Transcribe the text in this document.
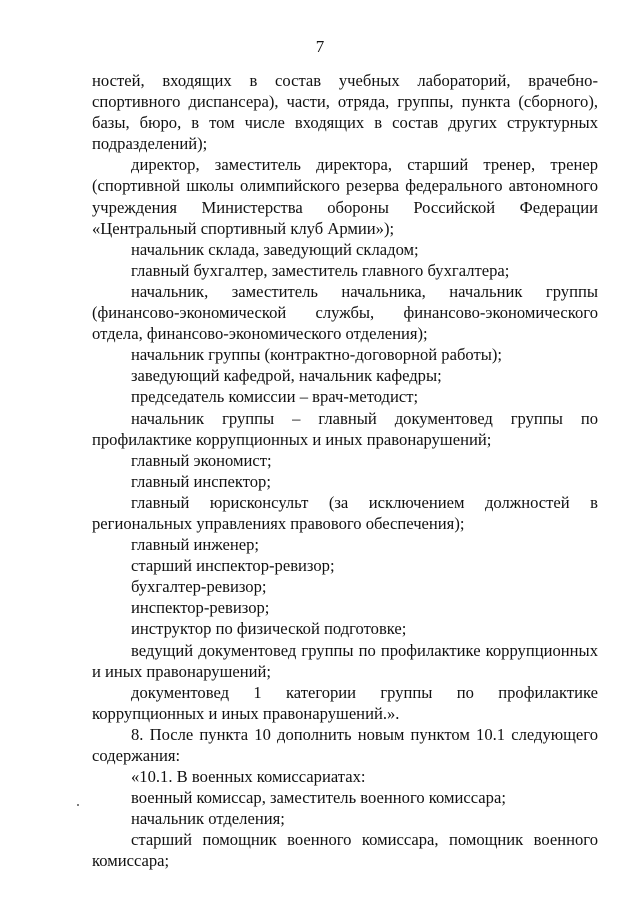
7

ностей, входящих в состав учебных лабораторий, врачебно-спортивного диспансера), части, отряда, группы, пункта (сборного), базы, бюро, в том числе входящих в состав других структурных подразделений);

директор, заместитель директора, старший тренер, тренер (спортивной школы олимпийского резерва федерального автономного учреждения Министерства обороны Российской Федерации «Центральный спортивный клуб Армии»);

начальник склада, заведующий складом;

главный бухгалтер, заместитель главного бухгалтера;

начальник, заместитель начальника, начальник группы (финансово-экономической службы, финансово-экономического отдела, финансово-экономического отделения);

начальник группы (контрактно-договорной работы);

заведующий кафедрой, начальник кафедры;

председатель комиссии – врач-методист;

начальник группы – главный документовед группы по профилактике коррупционных и иных правонарушений;

главный экономист;

главный инспектор;

главный юрисконсульт (за исключением должностей в региональных управлениях правового обеспечения);

главный инженер;

старший инспектор-ревизор;

бухгалтер-ревизор;

инспектор-ревизор;

инструктор по физической подготовке;

ведущий документовед группы по профилактике коррупционных и иных правонарушений;

документовед 1 категории группы по профилактике коррупционных и иных правонарушений.».

8. После пункта 10 дополнить новым пунктом 10.1 следующего содержания:

«10.1. В военных комиссариатах:

военный комиссар, заместитель военного комиссара;

начальник отделения;

старший помощник военного комиссара, помощник военного комиссара;
